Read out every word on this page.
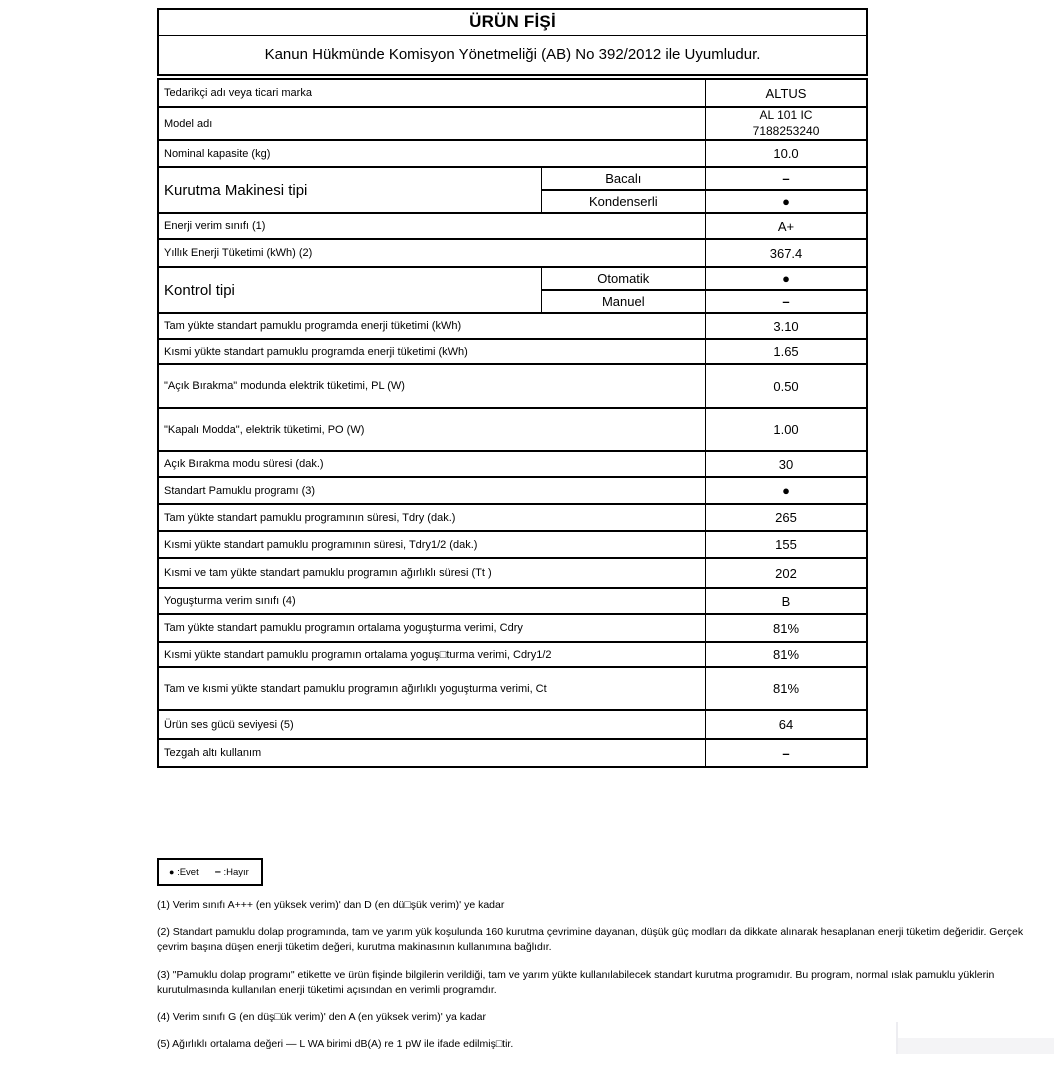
ÜRÜN FİŞİ
Kanun Hükmünde Komisyon Yönetmeliği (AB) No 392/2012 ile Uyumludur.
Tedarikçi adı veya ticari marka		ALTUS
Model adı		AL 101 IC
7188253240

Nominal kapasite (kg)		10.0
Kurutma Makinesi tipi	Bacalı	–
	Kondenserli	●
Enerji verim sınıfı (1)		A+
Yıllık Enerji Tüketimi (kWh) (2)		367.4
Kontrol tipi	Otomatik	●
	Manuel	–
Tam yükte standart pamuklu programda enerji tüketimi (kWh)		3.10
Kısmi yükte standart pamuklu programda enerji tüketimi (kWh)		1.65
"Açık Bırakma" modunda elektrik tüketimi, PL (W)		0.50
"Kapalı Modda", elektrik tüketimi, PO (W)		1.00
Açık Bırakma modu süresi (dak.)		30
Standart Pamuklu programı (3)		●
Tam yükte standart pamuklu programının süresi, Tdry (dak.)		265
Kısmi yükte standart pamuklu programının süresi, Tdry1/2 (dak.)		155
Kısmi ve tam yükte standart pamuklu programın ağırlıklı süresi (Tt )		202
Yoguşturma verim sınıfı (4)		B
Tam yükte standart pamuklu programın ortalama yoguşturma verimi, Cdry		81%
Kısmi yükte standart pamuklu programın ortalama yoguş□turma verimi, Cdry1/2		81%
Tam ve kısmi yükte standart pamuklu programın ağırlıklı yoguşturma verimi, Ct		81%
Ürün ses gücü seviyesi (5)		64
Tezgah altı kullanım		–
● :Evet – :Hayır

(1) Verim sınıfı A+++ (en yüksek verim)' dan D (en dü□şük verim)' ye kadar

(2) Standart pamuklu dolap programında, tam ve yarım yük koşulunda 160 kurutma çevrimine dayanan, düşük güç modları da dikkate alınarak hesaplanan enerji tüketim değeridir. Gerçek çevrim başına düşen enerji tüketim değeri, kurutma makinasının kullanımına bağlıdır.

(3) "Pamuklu dolap programı" etikette ve ürün fişinde bilgilerin verildiği, tam ve yarım yükte kullanılabilecek standart kurutma programıdır. Bu program, normal ıslak pamuklu yüklerin kurutulmasında kullanılan enerji tüketimi açısından en verimli programdır.

(4) Verim sınıfı G (en düş□ük verim)' den A (en yüksek verim)' ya kadar

(5) Ağırlıklı ortalama değeri — L WA birimi dB(A) re 1 pW ile ifade edilmiş□tir.
